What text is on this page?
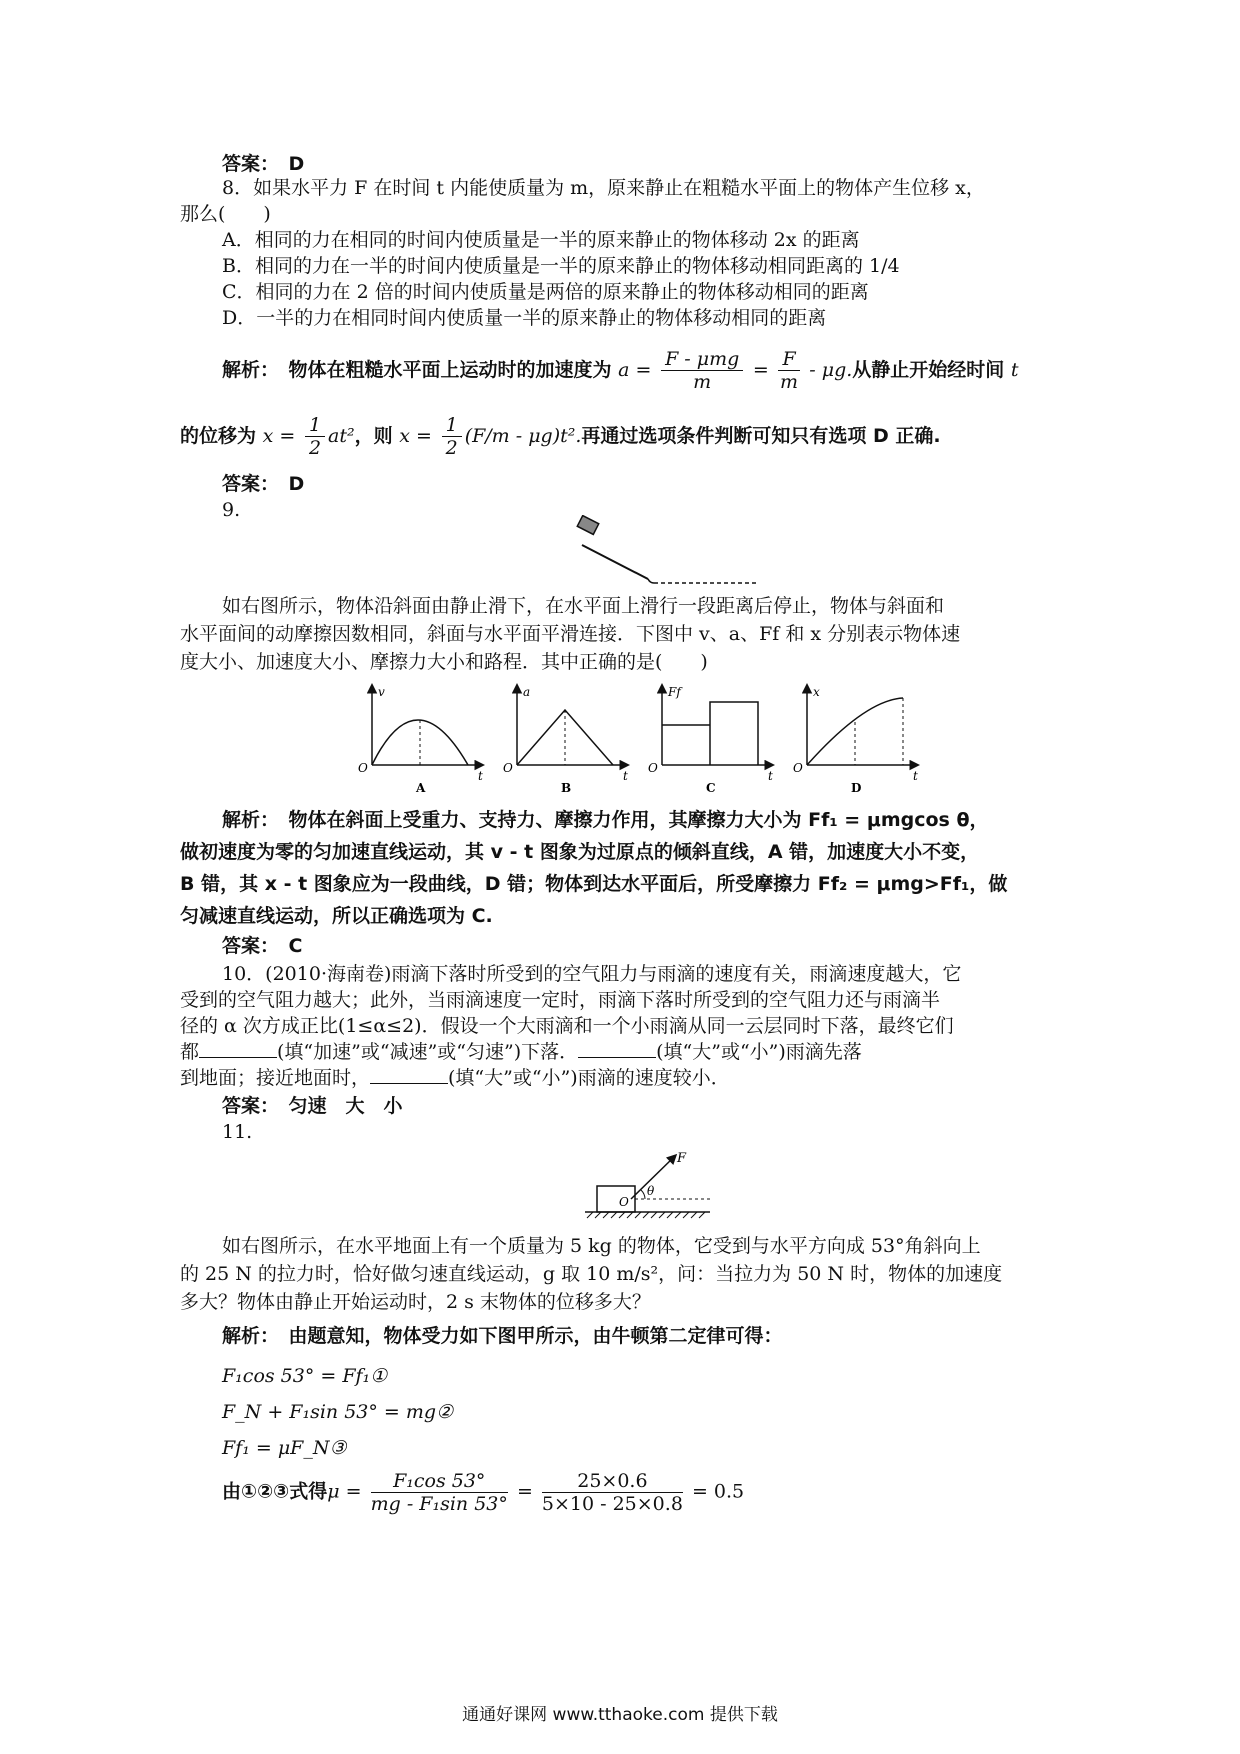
答案：　D
8．如果水平力 F 在时间 t 内能使质量为 m，原来静止在粗糙水平面上的物体产生位移 x，
那么(　　)
A．相同的力在相同的时间内使质量是一半的原来静止的物体移动 2x 的距离
B．相同的力在一半的时间内使质量是一半的原来静止的物体移动相同距离的 1/4
C．相同的力在 2 倍的时间内使质量是两倍的原来静止的物体移动相同的距离
D．一半的力在相同时间内使质量一半的原来静止的物体移动相同的距离
解析：　物体在粗糙水平面上运动时的加速度为 $a = \frac{\text{F - μmg}}{m} = \frac{F}{m} - \mu g$.从静止开始经时间 t
的位移为 $x = \frac{1}{2} at^2$，则 $x = \frac{1}{2} (F/m - \mu g)t^2$.再通过选项条件判断可知只有选项 D 正确.
答案：　D
9.
如右图所示，物体沿斜面由静止滑下，在水平面上滑行一段距离后停止，物体与斜面和
水平面间的动摩擦因数相同，斜面与水平面平滑连接．下图中 v、a、Ff 和 x 分别表示物体速
度大小、加速度大小、摩擦力大小和路程．其中正确的是(　　)
v
O
t
A
a
O
t
B
Ff
O
t
C
x
O
t
D
解析：　物体在斜面上受重力、支持力、摩擦力作用，其摩擦力大小为 Ff₁ = μmgcos θ，
做初速度为零的匀加速直线运动，其 v - t 图象为过原点的倾斜直线，A 错，加速度大小不变，
B 错，其 x - t 图象应为一段曲线，D 错；物体到达水平面后，所受摩擦力 Ff₂ = μmg>Ff₁，做
匀减速直线运动，所以正确选项为 C.
答案：　C
10．(2010·海南卷)雨滴下落时所受到的空气阻力与雨滴的速度有关，雨滴速度越大，它
受到的空气阻力越大；此外，当雨滴速度一定时，雨滴下落时所受到的空气阻力还与雨滴半
径的 α 次方成正比(1≤α≤2)．假设一个大雨滴和一个小雨滴从同一云层同时下落，最终它们
都	(填“加速”或“减速”或“匀速”)下落．	(填“大”或“小”)雨滴先落
到地面；接近地面时，	(填“大”或“小”)雨滴的速度较小．
答案：　匀速　大　小
11.
F
θ
O
如右图所示，在水平地面上有一个质量为 5 kg 的物体，它受到与水平方向成 53°角斜向上
的 25 N 的拉力时，恰好做匀速直线运动，g 取 10 m/s²，问：当拉力为 50 N 时，物体的加速度
多大？物体由静止开始运动时，2 s 末物体的位移多大？
解析：　由题意知，物体受力如下图甲所示，由牛顿第二定律可得：
F₁cos 53° = Ff₁①
F_N + F₁sin 53° = mg②
Ff₁ = μF_N③
由①②③式得$\mu = \frac{\text{F₁cos 53°}}{\text{mg - F₁sin 53°}} = \frac{25\times 0.6}{5\times 10 - 25\times 0.8} = 0.5$
通通好课网 www.tthaoke.com 提供下载
